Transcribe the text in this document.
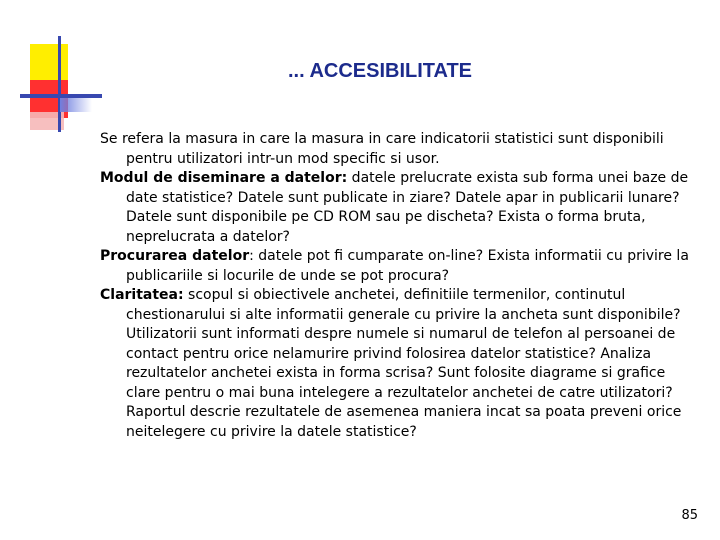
... ACCESIBILITATE

Se refera la masura in care la masura in care indicatorii statistici sunt disponibili pentru utilizatori intr-un mod specific si usor.

Modul de diseminare a datelor: datele prelucrate exista sub forma unei baze de date statistice? Datele sunt publicate in ziare? Datele apar in publicarii lunare? Datele sunt disponibile pe CD ROM sau pe discheta? Exista o forma bruta, neprelucrata a datelor?

Procurarea datelor: datele pot fi cumparate on-line? Exista informatii cu privire la publicariile si locurile de unde se pot procura?

Claritatea: scopul si obiectivele anchetei, definitiile termenilor, continutul chestionarului si alte informatii generale cu privire la ancheta sunt disponibile? Utilizatorii sunt informati despre numele si numarul de telefon al persoanei de contact pentru orice nelamurire privind folosirea datelor statistice? Analiza rezultatelor anchetei exista in forma scrisa? Sunt folosite diagrame si grafice clare pentru o mai buna intelegere a rezultatelor anchetei de catre utilizatori? Raportul descrie rezultatele de asemenea maniera incat sa poata preveni orice neitelegere cu privire la datele statistice?

85
